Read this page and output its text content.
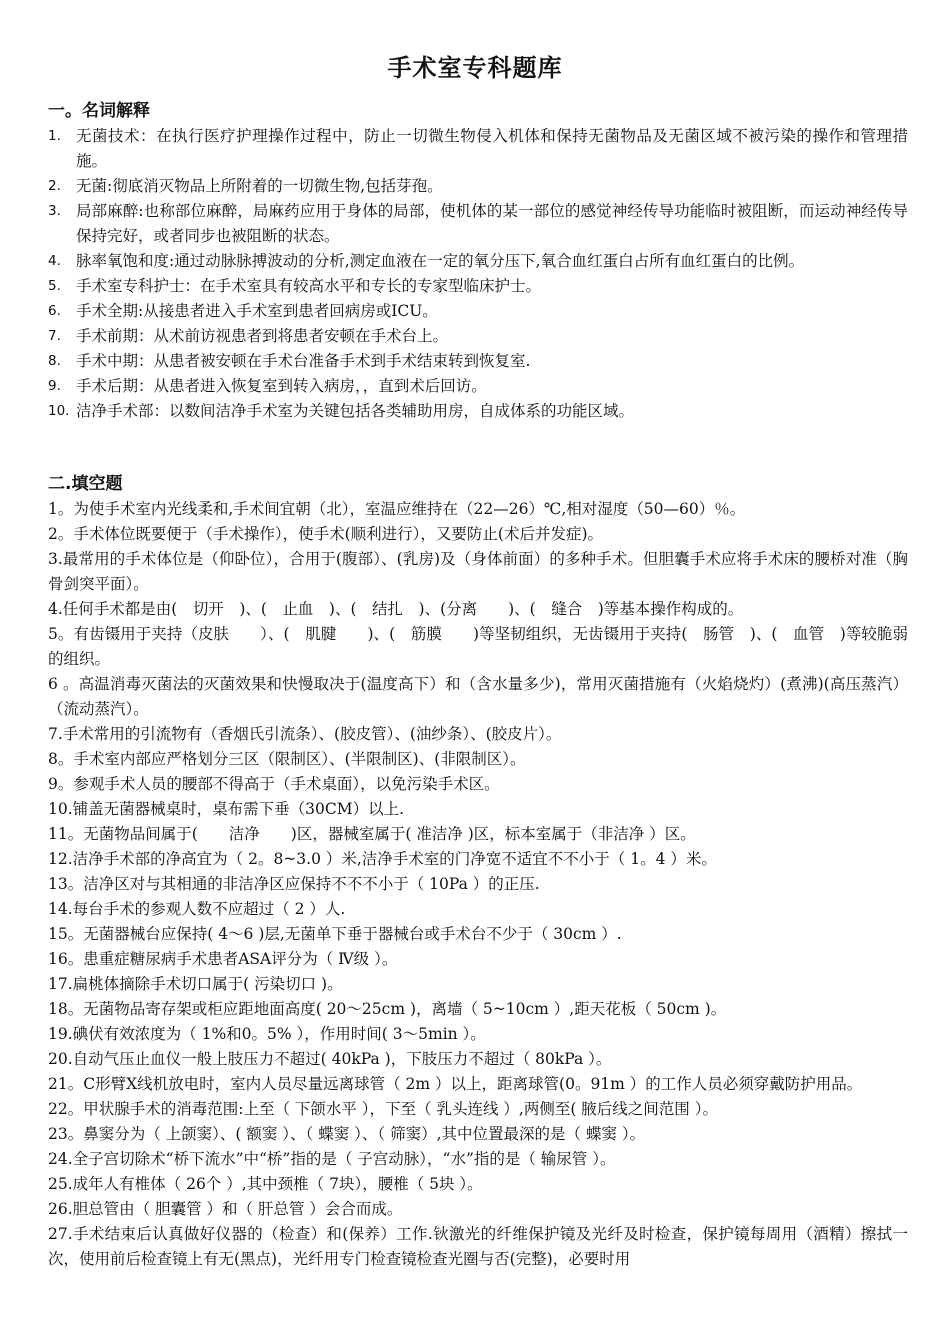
手术室专科题库
一。名词解释
1. 无菌技术：在执行医疗护理操作过程中，防止一切微生物侵入机体和保持无菌物品及无菌区域不被污染的操作和管理措施。
2. 无菌:彻底消灭物品上所附着的一切微生物,包括芽孢。
3. 局部麻醉:也称部位麻醉，局麻药应用于身体的局部，使机体的某一部位的感觉神经传导功能临时被阻断，而运动神经传导保持完好，或者同步也被阻断的状态。
4. 脉率氧饱和度:通过动脉脉搏波动的分析,测定血液在一定的氧分压下,氧合血红蛋白占所有血红蛋白的比例。
5. 手术室专科护士：在手术室具有较高水平和专长的专家型临床护士。
6. 手术全期:从接患者进入手术室到患者回病房或ICU。
7. 手术前期：从术前访视患者到将患者安顿在手术台上。
8. 手术中期：从患者被安顿在手术台准备手术到手术结束转到恢复室.
9. 手术后期：从患者进入恢复室到转入病房，，直到术后回访。
10. 洁净手术部：以数间洁净手术室为关键包括各类辅助用房，自成体系的功能区域。
二.填空题
1。为使手术室内光线柔和,手术间宜朝（北），室温应维持在（22—26）℃,相对湿度（50—60）％。
2。手术体位既要便于（手术操作），使手术(顺利进行），又要防止(术后并发症)。
3.最常用的手术体位是（仰卧位），合用于(腹部）、(乳房)及（身体前面）的多种手术。但胆囊手术应将手术床的腰桥对准（胸骨剑突平面）。
4.任何手术都是由(　切开　)、(　止血　)、(　结扎　)、(分离　　)、(　缝合　)等基本操作构成的。
5。有齿镊用于夹持（皮肤　　）、(　肌腱　　)、(　筋膜　　)等坚韧组织，无齿镊用于夹持(　肠管　)、(　血管　)等较脆弱的组织。
6 。高温消毒灭菌法的灭菌效果和快慢取决于(温度高下）和（含水量多少)，常用灭菌措施有（火焰烧灼）(煮沸)(高压蒸汽）（流动蒸汽）。
7.手术常用的引流物有（香烟氏引流条）、(胶皮管）、(油纱条）、(胶皮片）。
8。手术室内部应严格划分三区（限制区）、(半限制区)、(非限制区）。
9。参观手术人员的腰部不得高于（手术桌面），以免污染手术区。
10.铺盖无菌器械桌时，桌布需下垂（30CM）以上.
11。无菌物品间属于(　　洁净　　)区，器械室属于( 准洁净 )区，标本室属于（非洁净 ）区。
12.洁净手术部的净高宜为（ 2。8~3.0 ）米,洁净手术室的门净宽不适宜不不小于（ 1。4 ）米。
13。洁净区对与其相通的非洁净区应保持不不不小于（ 10Pa ）的正压.
14.每台手术的参观人数不应超过（ 2 ）人.
15。无菌器械台应保持( 4～6 )层,无菌单下垂于器械台或手术台不少于（ 30cm ）.
16。患重症糖尿病手术患者ASA评分为（ Ⅳ级 ）。
17.扁桃体摘除手术切口属于( 污染切口 )。
18。无菌物品寄存架或柜应距地面高度( 20～25cm )，离墙（ 5~10cm ）,距天花板（ 50cm )。
19.碘伏有效浓度为（ 1%和0。5% ），作用时间( 3～5min ）。
20.自动气压止血仪一般上肢压力不超过( 40kPa )，下肢压力不超过（ 80kPa ）。
21。C形臂X线机放电时，室内人员尽量远离球管（ 2m ）以上，距离球管(0。91m ）的工作人员必须穿戴防护用品。
22。甲状腺手术的消毒范围:上至（ 下颌水平 ），下至（ 乳头连线 ）,两侧至( 腋后线之间范围 ）。
23。鼻窦分为（ 上颌窦）、( 额窦 ）、（ 蝶窦 ）、（ 筛窦）,其中位置最深的是（ 蝶窦 ）。
24.全子宫切除术“桥下流水”中“桥”指的是（ 子宫动脉），“水”指的是（ 输尿管 ）。
25.成年人有椎体（ 26个 ）,其中颈椎（ 7块），腰椎（ 5块 ）。
26.胆总管由（ 胆囊管 ）和（ 肝总管 ）会合而成。
27.手术结束后认真做好仪器的（检查）和(保养）工作.钬激光的纤维保护镜及光纤及时检查，保护镜每周用（酒精）擦拭一次，使用前后检查镜上有无(黑点)，光纤用专门检查镜检查光圈与否(完整)，必要时用
